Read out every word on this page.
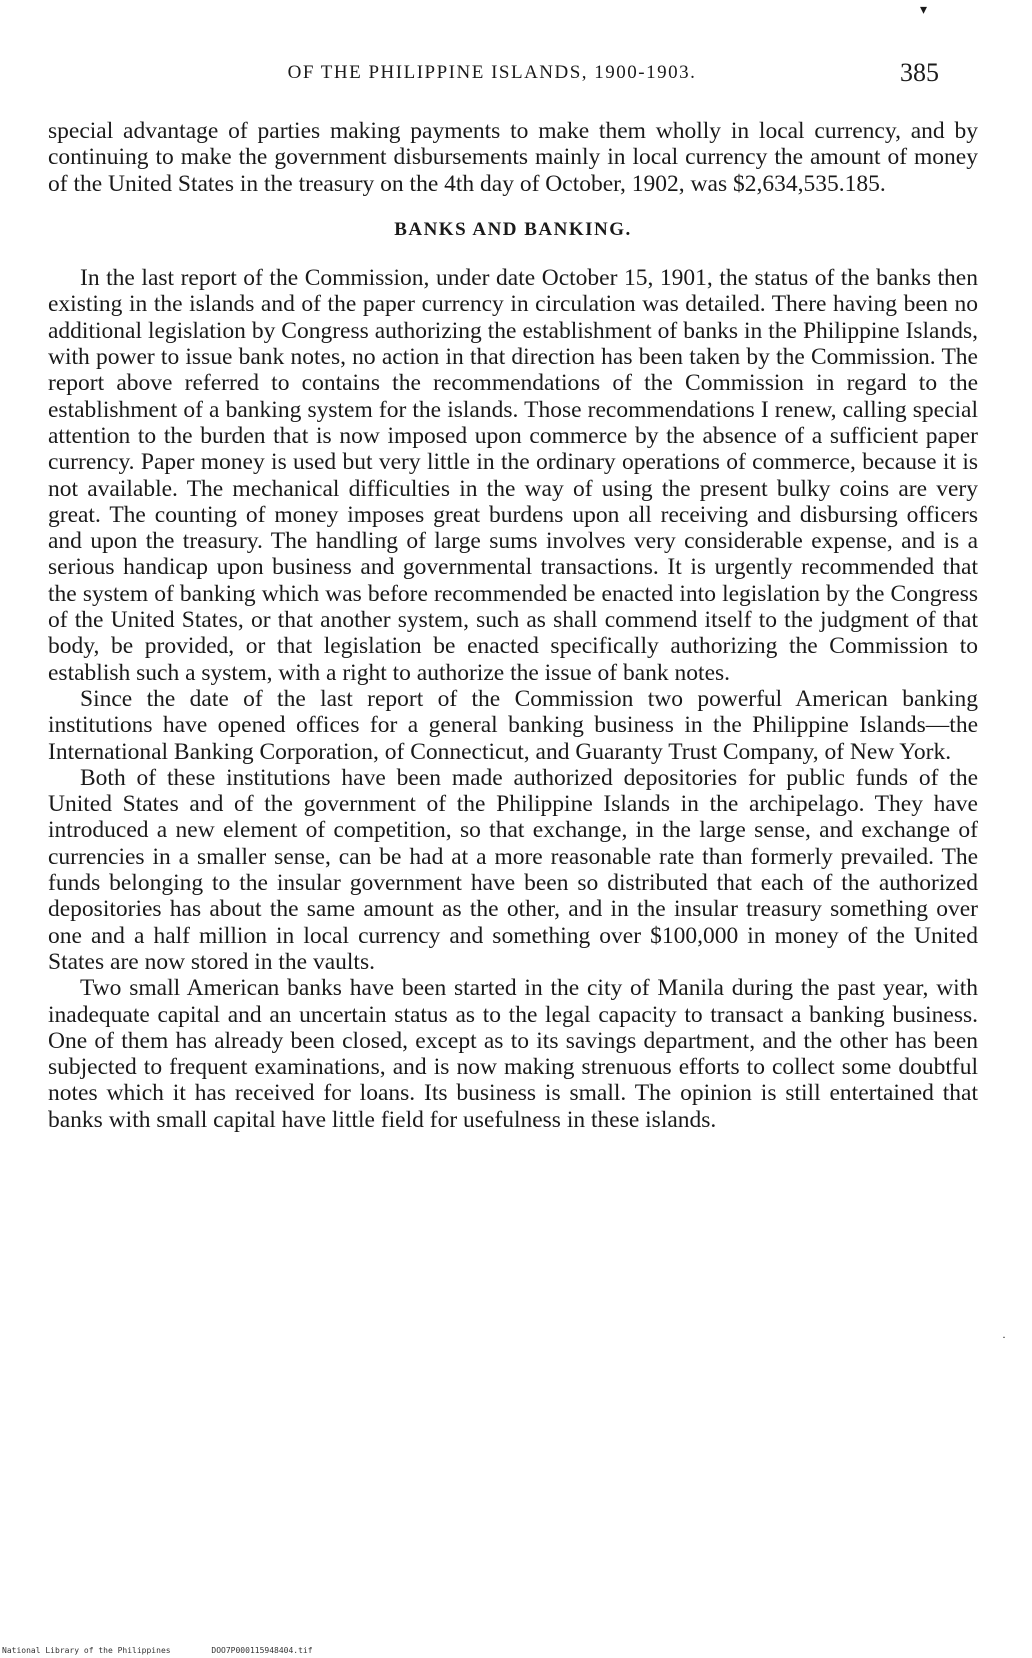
▾
OF THE PHILIPPINE ISLANDS, 1900-1903.	385

special advantage of parties making payments to make them wholly in local currency, and by continuing to make the government disbursements mainly in local currency the amount of money of the United States in the treasury on the 4th day of October, 1902, was $2,634,535.185.

BANKS AND BANKING.

In the last report of the Commission, under date October 15, 1901, the status of the banks then existing in the islands and of the paper currency in circulation was detailed. There having been no additional legislation by Congress authorizing the establishment of banks in the Philippine Islands, with power to issue bank notes, no action in that direction has been taken by the Commission. The report above referred to contains the recommendations of the Commission in regard to the establishment of a banking system for the islands. Those recommendations I renew, calling special attention to the burden that is now imposed upon commerce by the absence of a sufficient paper currency. Paper money is used but very little in the ordinary operations of commerce, because it is not available. The mechanical difficulties in the way of using the present bulky coins are very great. The counting of money imposes great burdens upon all receiving and disbursing officers and upon the treasury. The handling of large sums involves very considerable expense, and is a serious handicap upon business and governmental transactions. It is urgently recommended that the system of banking which was before recommended be enacted into legislation by the Congress of the United States, or that another system, such as shall commend itself to the judgment of that body, be provided, or that legislation be enacted specifically authorizing the Commission to establish such a system, with a right to authorize the issue of bank notes.

Since the date of the last report of the Commission two powerful American banking institutions have opened offices for a general banking business in the Philippine Islands—the International Banking Corporation, of Connecticut, and Guaranty Trust Company, of New York.

Both of these institutions have been made authorized depositories for public funds of the United States and of the government of the Philippine Islands in the archipelago. They have introduced a new element of competition, so that exchange, in the large sense, and exchange of currencies in a smaller sense, can be had at a more reasonable rate than formerly prevailed. The funds belonging to the insular government have been so distributed that each of the authorized depositories has about the same amount as the other, and in the insular treasury something over one and a half million in local currency and something over $100,000 in money of the United States are now stored in the vaults.

Two small American banks have been started in the city of Manila during the past year, with inadequate capital and an uncertain status as to the legal capacity to transact a banking business. One of them has already been closed, except as to its savings department, and the other has been subjected to frequent examinations, and is now making strenuous efforts to collect some doubtful notes which it has received for loans. Its business is small. The opinion is still entertained that banks with small capital have little field for usefulness in these islands.

·
National Library of the Philippines	DOO7P000115948404.tif
